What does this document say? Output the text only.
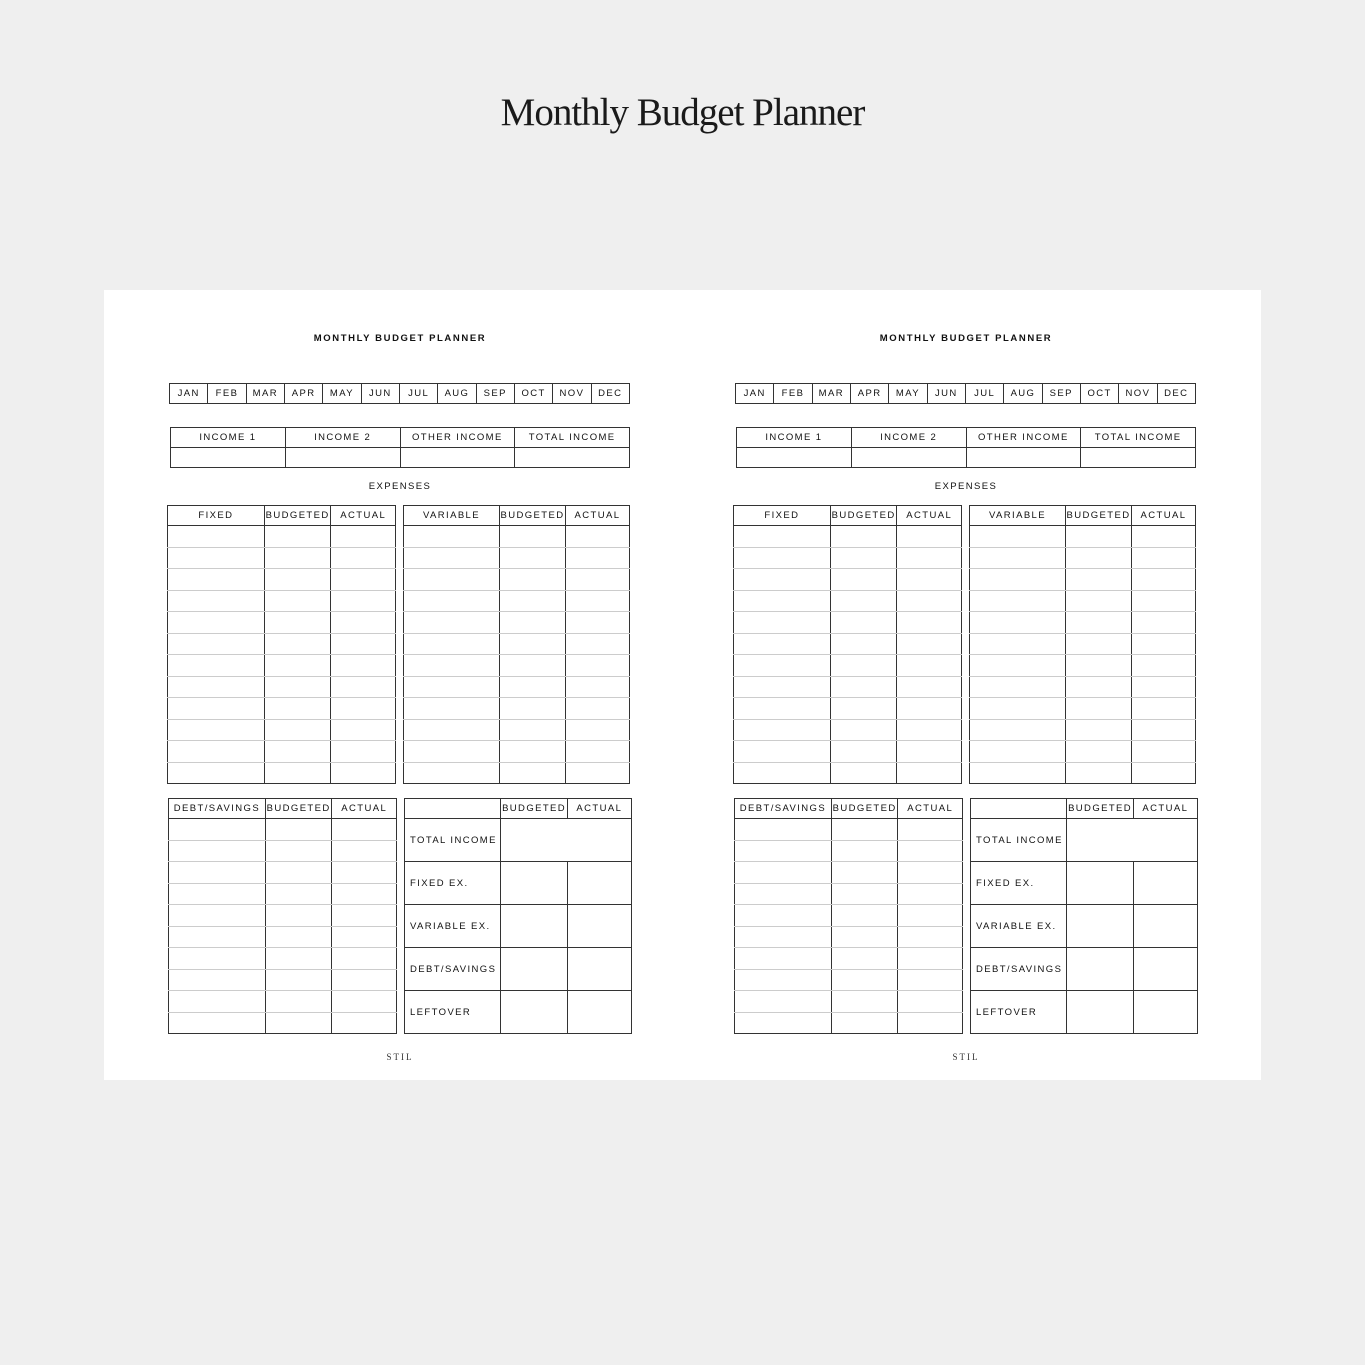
Monthly Budget Planner
MONTHLY BUDGET PLANNER
JAN	FEB	MAR	APR	MAY	JUN	JUL	AUG	SEP	OCT	NOV	DEC
INCOME 1	INCOME 2	OTHER INCOME	TOTAL INCOME

EXPENSES
FIXED	BUDGETED	ACTUAL

			VARIABLE	BUDGETED	ACTUAL

DEBT/SAVINGS	BUDGETED	ACTUAL

		BUDGETED	ACTUAL
TOTAL INCOME		
FIXED EX.		
VARIABLE EX.		
DEBT/SAVINGS		
LEFTOVER		
STIL
MONTHLY BUDGET PLANNER
JAN	FEB	MAR	APR	MAY	JUN	JUL	AUG	SEP	OCT	NOV	DEC
INCOME 1	INCOME 2	OTHER INCOME	TOTAL INCOME

EXPENSES
FIXED	BUDGETED	ACTUAL

			VARIABLE	BUDGETED	ACTUAL

DEBT/SAVINGS	BUDGETED	ACTUAL

		BUDGETED	ACTUAL
TOTAL INCOME		
FIXED EX.		
VARIABLE EX.		
DEBT/SAVINGS		
LEFTOVER		
STIL
